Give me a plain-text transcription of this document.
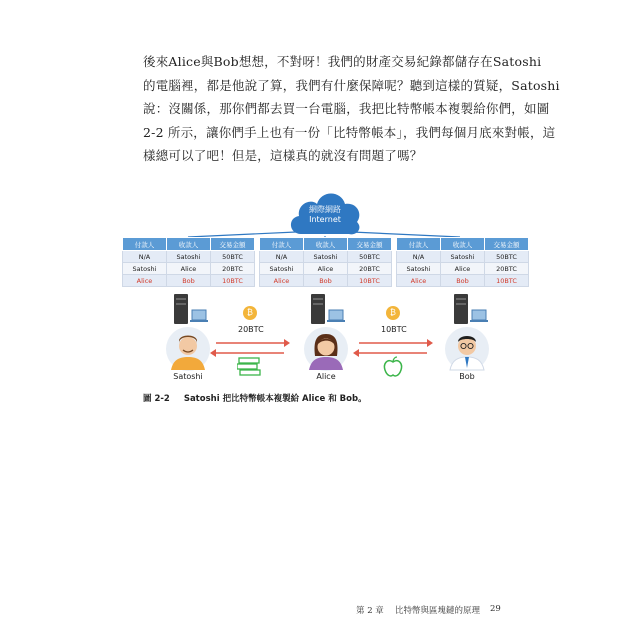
後來Alice與Bob想想，不對呀！我們的財產交易紀錄都儲存在Satoshi
的電腦裡，都是他說了算，我們有什麼保障呢？聽到這樣的質疑，Satoshi
說：沒關係，那你們都去買一台電腦，我把比特幣帳本複製給你們，如圖
2-2 所示，讓你們手上也有一份「比特幣帳本」，我們每個月底來對帳，這
樣總可以了吧！但是，這樣真的就沒有問題了嗎？
網際網路
Internet
付款人	收款人	交易金額
N/A	Satoshi	50BTC
Satoshi	Alice	20BTC
Alice	Bob	10BTC
付款人	收款人	交易金額
N/A	Satoshi	50BTC
Satoshi	Alice	20BTC
Alice	Bob	10BTC
付款人	收款人	交易金額
N/A	Satoshi	50BTC
Satoshi	Alice	20BTC
Alice	Bob	10BTC
₿
20BTC
₿
10BTC
Satoshi	Alice	Bob
圖 2-2 Satoshi 把比特幣帳本複製給 Alice 和 Bob。
第 2 章 比特幣與區塊鏈的原理 29
